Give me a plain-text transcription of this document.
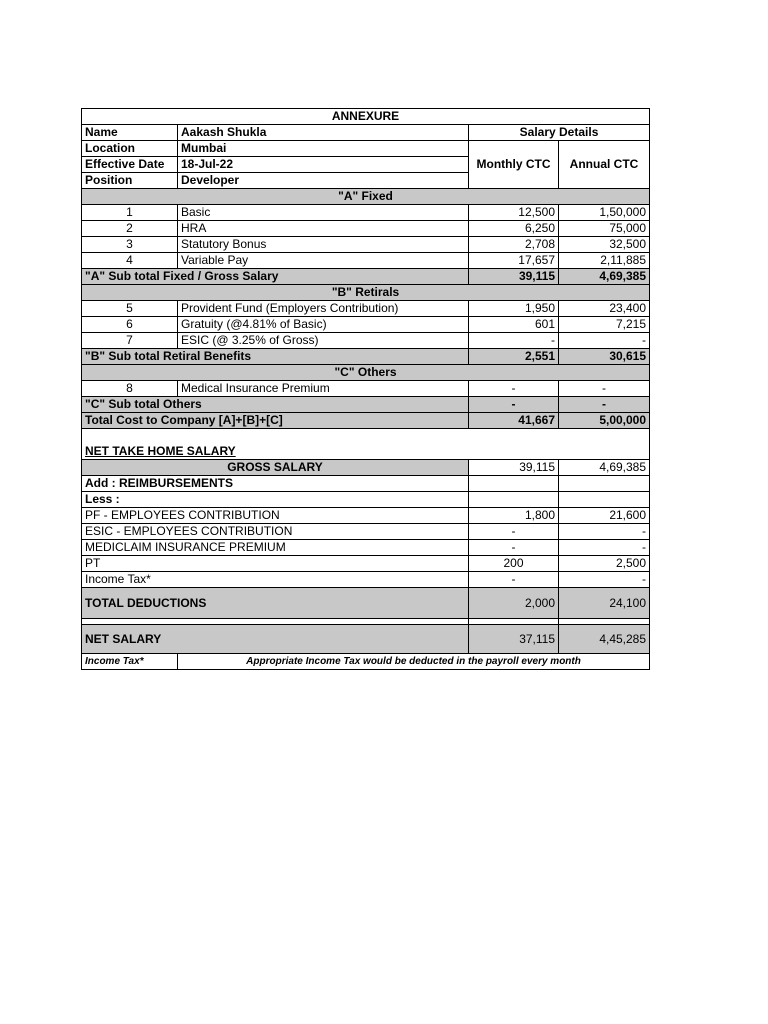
ANNEXURE			
Name	Aakash Shukla	Salary Details	
Location	Mumbai	Monthly CTC	Annual CTC
Effective Date	18-Jul-22		
Position	Developer		
"A" Fixed			
1	Basic	12,500	1,50,000
2	HRA	6,250	75,000
3	Statutory Bonus	2,708	32,500
4	Variable Pay	17,657	2,11,885
"A" Sub total Fixed / Gross Salary		39,115	4,69,385
"B" Retirals			
5	Provident Fund (Employers Contribution)	1,950	23,400
6	Gratuity (@4.81% of Basic)	601	7,215
7	ESIC (@ 3.25% of Gross)	-	-
"B" Sub total Retiral Benefits		2,551	30,615
"C" Others			
8	Medical Insurance Premium	-	-
"C" Sub total Others		-	-
Total Cost to Company [A]+[B]+[C]		41,667	5,00,000

NET TAKE HOME SALARY			
GROSS SALARY		39,115	4,69,385
Add : REIMBURSEMENTS			
Less :			
PF - EMPLOYEES CONTRIBUTION		1,800	21,600
ESIC - EMPLOYEES CONTRIBUTION		-	-
MEDICLAIM INSURANCE PREMIUM		-	-
PT		200	2,500
Income Tax*		-	-
TOTAL DEDUCTIONS		2,000	24,100

NET SALARY		37,115	4,45,285
Income Tax*	Appropriate Income Tax would be deducted in the payroll every month		
